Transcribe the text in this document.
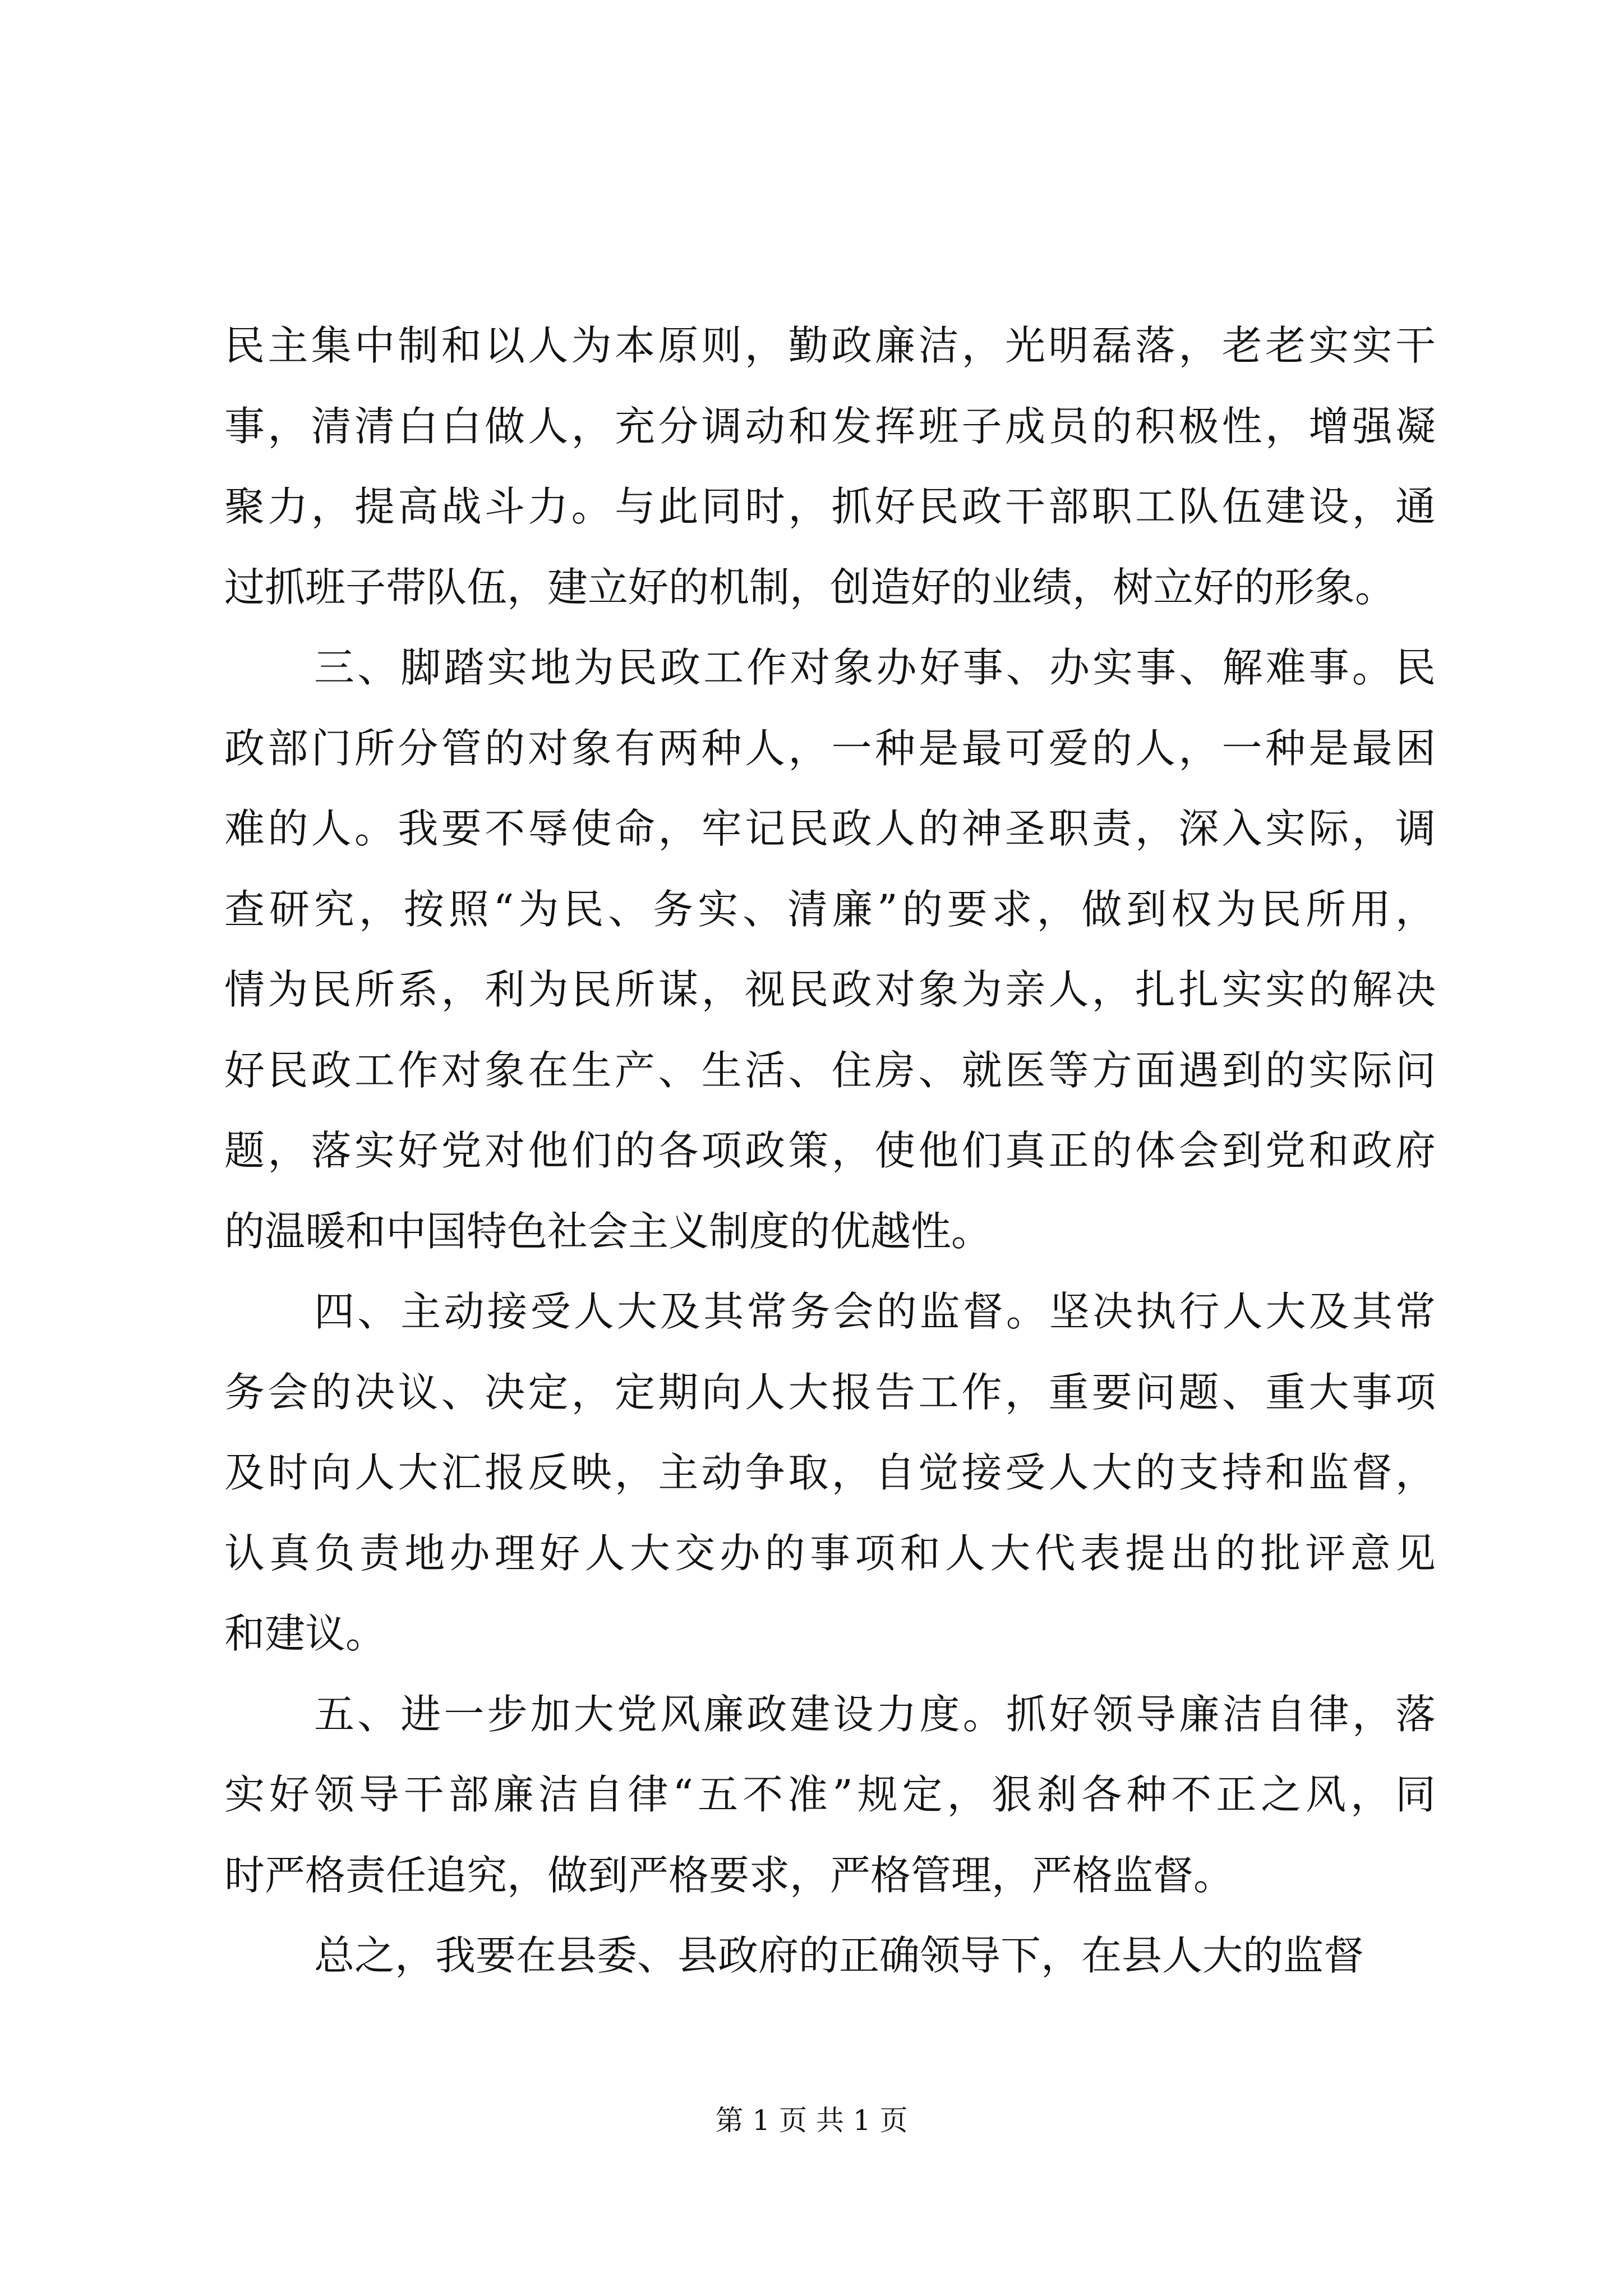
民主集中制和以人为本原则，勤政廉洁，光明磊落，老老实实干
事，清清白白做人，充分调动和发挥班子成员的积极性，增强凝
聚力，提高战斗力。与此同时，抓好民政干部职工队伍建设，通
过抓班子带队伍，建立好的机制，创造好的业绩，树立好的形象。
三、脚踏实地为民政工作对象办好事、办实事、解难事。民
政部门所分管的对象有两种人，一种是最可爱的人，一种是最困
难的人。我要不辱使命，牢记民政人的神圣职责，深入实际，调
查研究，按照“为民、务实、清廉”的要求，做到权为民所用，
情为民所系，利为民所谋，视民政对象为亲人，扎扎实实的解决
好民政工作对象在生产、生活、住房、就医等方面遇到的实际问
题，落实好党对他们的各项政策，使他们真正的体会到党和政府
的温暖和中国特色社会主义制度的优越性。
四、主动接受人大及其常务会的监督。坚决执行人大及其常
务会的决议、决定，定期向人大报告工作，重要问题、重大事项
及时向人大汇报反映，主动争取，自觉接受人大的支持和监督，
认真负责地办理好人大交办的事项和人大代表提出的批评意见
和建议。
五、进一步加大党风廉政建设力度。抓好领导廉洁自律，落
实好领导干部廉洁自律“五不准”规定，狠刹各种不正之风，同
时严格责任追究，做到严格要求，严格管理，严格监督。
总之，我要在县委、县政府的正确领导下，在县人大的监督
第 1 页 共 1 页
